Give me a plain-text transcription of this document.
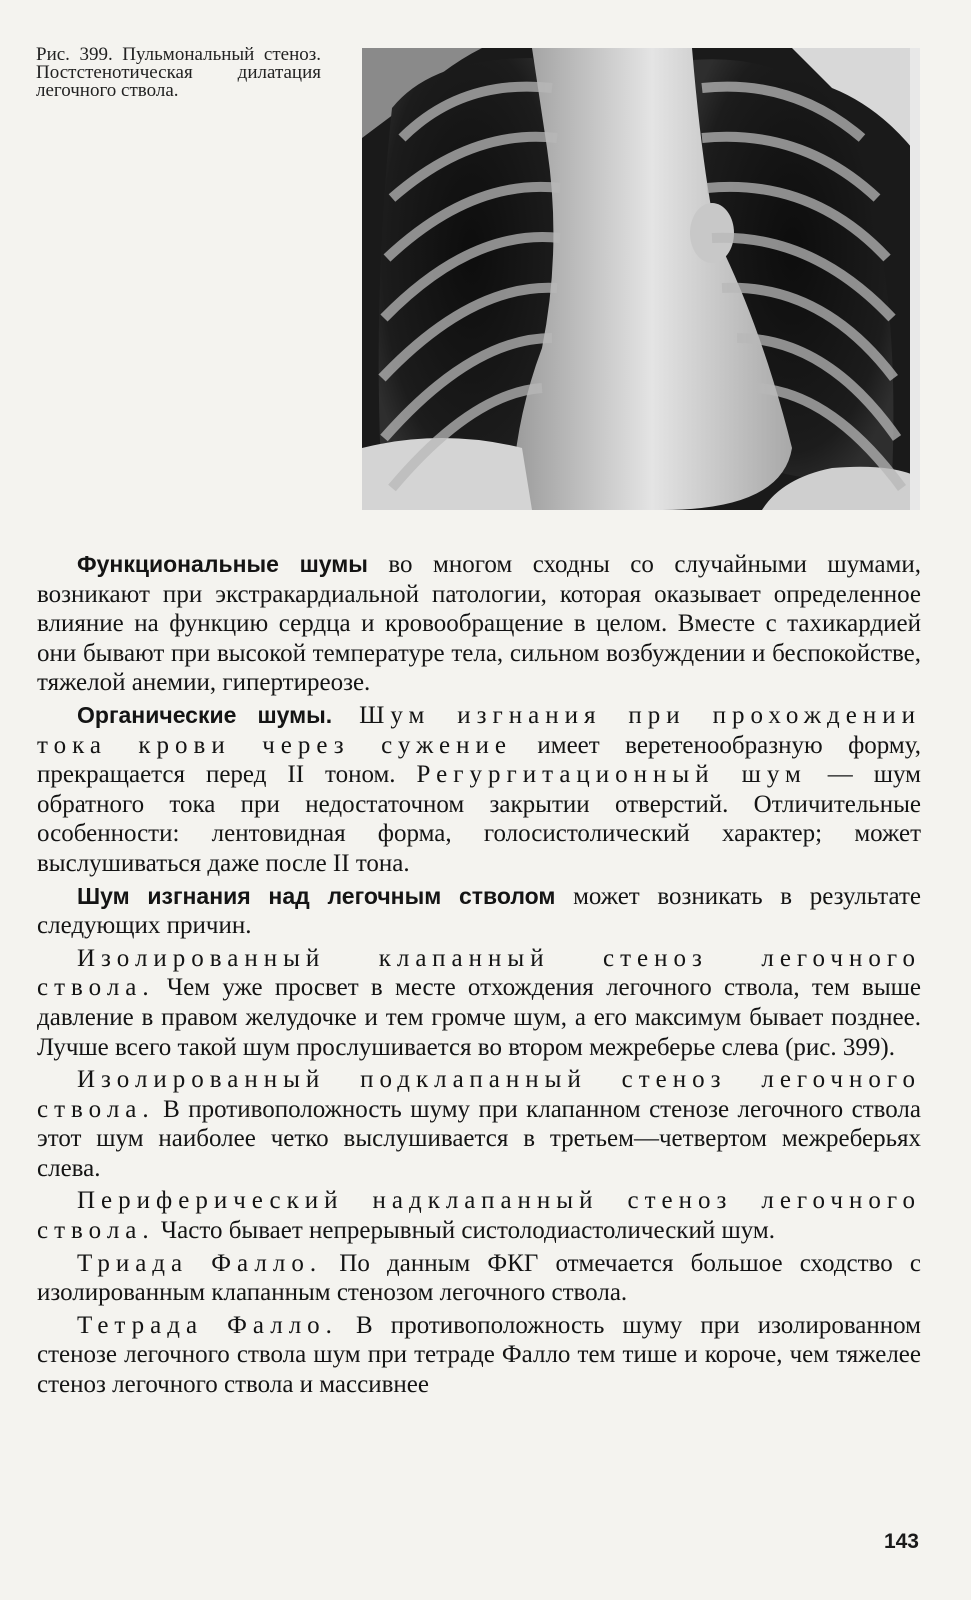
Рис. 399. Пульмональный стеноз. Постстенотическая дилатация легочного ствола.

Функциональные шумы во многом сходны со случайными шумами, возникают при экстракардиальной патологии, которая оказывает определенное влияние на функцию сердца и кровообращение в целом. Вместе с тахикардией они бывают при высокой температуре тела, сильном возбуждении и беспокойстве, тяжелой анемии, гипертиреозе.

Органические шумы. Шум изгнания при прохождении тока крови через сужение имеет веретенообразную форму, прекращается перед II тоном. Регургитационный шум — шум обратного тока при недостаточном закрытии отверстий. Отличительные особенности: лентовидная форма, голосистолический характер; может выслушиваться даже после II тона.

Шум изгнания над легочным стволом может возникать в результате следующих причин.

Изолированный клапанный стеноз легочного ствола. Чем уже просвет в месте отхождения легочного ствола, тем выше давление в правом желудочке и тем громче шум, а его максимум бывает позднее. Лучше всего такой шум прослушивается во втором межреберье слева (рис. 399).

Изолированный подклапанный стеноз легочного ствола. В противоположность шуму при клапанном стенозе легочного ствола этот шум наиболее четко выслушивается в третьем—четвертом межреберьях слева.

Периферический надклапанный стеноз легочного ствола. Часто бывает непрерывный систолодиастолический шум.

Триада Фалло. По данным ФКГ отмечается большое сходство с изолированным клапанным стенозом легочного ствола.

Тетрада Фалло. В противоположность шуму при изолированном стенозе легочного ствола шум при тетраде Фалло тем тише и короче, чем тяжелее стеноз легочного ствола и массивнее

143
